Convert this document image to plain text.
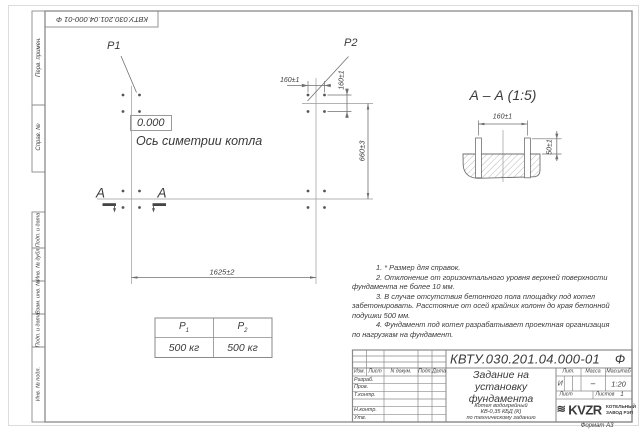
КВТУ.030.201.04.000-01 Ф
Перв. примен.
Справ. №
Подп. и дата
Инв. № дубл.
Взам. инв. №
Подп. и дата
Инв. № подл.
P1	P2
0.000
Ось симетрии котла
1625±2
660±3
160±1	160±1
А	А
А – А (1:5)
160±1
50±1
$P_1$	$P_2$
500 кг	500 кг
1. * Размер для справок.
2. Отклонение от горизонтального уровня верхней поверхности
фундамента не более 10 мм.
3. В случае отсутствия бетонного пола площадку под котел
забетонировать. Расстояние от осей крайних колонн до края бетонной
подушки 500 мм.
4. Фундамент под котел разрабатывает проектная организация
по нагрузкам на фундамент.
КВТУ.030.201.04.000-01 Ф
Задание на
установку
фундамента
Котел водогрейный
КВ-0,35 КБД (К)
по техническому заданию
Изм. Лист N докум. Подп. Дата
Разраб.
Пров.
Т.контр.
Н.контр.
Утв.
Лит. Масса Масштаб
И	– 1:20
Лист	Листов 1
≋ KVZR КОТЕЛЬНЫЙ
ЗАВОД РЭП
Формат А3
